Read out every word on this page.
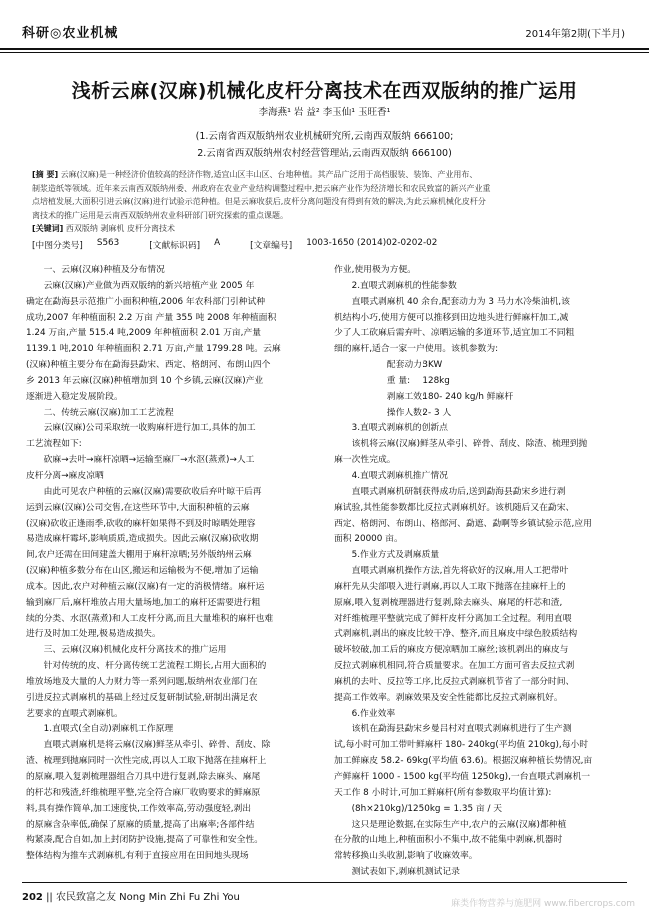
科研◎农业机械	2014年第2期(下半月)
浅析云麻(汉麻)机械化皮杆分离技术在西双版纳的推广运用
李海燕¹ 岩 益² 李玉仙¹ 玉旺香¹
(1.云南省西双版纳州农业机械研究所,云南西双版纳 666100;
2.云南省西双版纳州农村经营管理站,云南西双版纳 666100)
[摘 要] 云麻(汉麻)是一种经济价值较高的经济作物,适宜山区丰山区、台地种植。其产品广泛用于高档服装、装饰、产业用布、
制浆造纸等领域。近年来云南西双版纳州委、州政府在农业产业结构调整过程中,把云麻产业作为经济增长和农民致富的新兴产业重
点培植发展,大面积引进云麻(汉麻)进行试验示范种植。但是云麻收获后,皮杆分离问题没有得到有效的解决,为此云麻机械化皮杆分
离技术的推广运用是云南西双版纳州农业科研部门研究探索的重点课题。
[关键词] 西双版纳 剥麻机 皮杆分离技术
[中图分类号] S563	[文献标识码] A	[文章编号] 1003-1650 (2014)02-0202-02

一、云麻(汉麻)种植及分布情况

云麻(汉麻)产业做为西双版纳的新兴培植产业 2005 年

确定在勐海县示范推广小面积种植,2006 年农科部门引种试种

成功,2007 年种植面积 2.2 万亩 产量 355 吨 2008 年种植面积

1.24 万亩,产量 515.4 吨,2009 年种植面积 2.01 万亩,产量

1139.1 吨,2010 年种植面积 2.71 万亩,产量 1799.28 吨。云麻

(汉麻)种植主要分布在勐海县勐宋、西定、格朗河、布朗山四个

乡 2013 年云麻(汉麻)种植增加到 10 个乡镇,云麻(汉麻)产业

逐渐进入稳定发展阶段。

二、传统云麻(汉麻)加工工艺流程

云麻(汉麻)公司采取统一收购麻杆进行加工,具体的加工

工艺流程如下:

砍麻→去叶→麻杆凉晒→运输至麻厂→水沤(蒸煮)→人工

皮杆分离→麻皮凉晒

由此可见农户种植的云麻(汉麻)需要砍收后弃叶晾干后再

运到云麻(汉麻)公司交售,在这些环节中,大面积种植的云麻

(汉麻)砍收正逢雨季,砍收的麻杆如果得不到及时晾晒处理容

易造成麻杆霉坏,影响质质,造成损失。因此云麻(汉麻)砍收期

间,农户还需在田间建盖大棚用于麻杆凉晒;另外版纳州云麻

(汉麻)种植多数分布在山区,搬运和运输极为不便,增加了运输

成本。因此,农户对种植云麻(汉麻)有一定的消极情绪。麻杆运

输到麻厂后,麻杆堆放占用大量场地,加工的麻杆还需要进行粗

续的分类、水沤(蒸煮)和人工皮杆分离,而且大量堆积的麻杆也难

进行及时加工处理,极易造成损失。

三、云麻(汉麻)机械化皮杆分离技术的推广运用

针对传统的皮、杆分离传统工艺流程工期长,占用大面积的

堆放场地及大量的人力财力等一系列问题,版纳州农业部门在

引进反拉式剥麻机的基础上经过反复研制试验,研制出满足农

艺要求的直喂式剥麻机。

1.直喂式(全自动)剥麻机工作原理

直喂式剥麻机是将云麻(汉麻)鲜茎从牵引、碎骨、刮皮、除

渣、梳理到抛麻同时一次性完成,再以人工取下抛落在挂麻杆上

的原麻,喂入复剥梳理器组合刀具中进行复剥,除去麻头、麻尾

的杆芯和残渣,纤维梳理平整,完全符合麻厂收购要求的鲜麻原

料,具有操作简单,加工速度快,工作效率高,劳动强度轻,剥出

的原麻含杂率低,确保了原麻的质量,提高了出麻率;各部件结

构紧凑,配合自如,加上封闭防护设施,提高了可靠性和安全性。

整体结构为推车式剥麻机,有利于直接应用在田间地头现场

作业,使用极为方便。

2.直喂式剥麻机的性能参数

直喂式剥麻机 40 余台,配套动力为 3 马力水冷柴油机,该

机结构小巧,使用方便可以推移到田边地头进行鲜麻杆加工,减

少了人工砍麻后需弃叶、凉晒运输的多道环节,适宜加工不同粗

细的麻杆,适合一家一户使用。该机参数为:

配套动力:3KW

重 量: 128kg

剥麻工效:180- 240 kg/h 鲜麻杆

操作人数:2- 3 人

3.直喂式剥麻机的创新点

该机将云麻(汉麻)鲜茎从牵引、碎骨、刮皮、除渣、梳理到抛

麻一次性完成。

4.直喂式剥麻机推广情况

直喂式剥麻机研制获得成功后,送到勐海县勐宋乡进行剥

麻试验,其性能参数都比反拉式剥麻机好。该机随后又在勐宋、

西定、格朗河、布朗山、格郎河、勐遮、勐啊等乡镇试验示范,应用

面积 20000 亩。

5.作业方式及剥麻质量

直喂式剥麻机操作方法,首先将砍好的汉麻,用人工把带叶

麻杆先从尖部喂入进行剥麻,再以人工取下抛落在挂麻杆上的

原麻,喂入复剥梳理器进行复剥,除去麻头、麻尾的杆芯和渣,

对纤维梳理平整就完成了鲜杆皮杆分离加工全过程。利用直喂

式剥麻机,剥出的麻皮比较干净、整齐,而且麻皮中绿色胶质结构

破坏较破,加工后的麻皮方便凉晒加工麻丝;该机剥出的麻皮与

反拉式剥麻机相同,符合质量要求。在加工方面可省去反拉式剥

麻机的去叶、反拉等工序,比反拉式剥麻机节省了一部分时间、

提高工作效率。剥麻效果及安全性能都比反拉式剥麻机好。

6.作业效率

该机在勐海县勐宋乡曼吕村对直喂式剥麻机进行了生产测

试,每小时可加工带叶鲜麻杆 180- 240kg(平均值 210kg),每小时

加工鲜麻皮 58.2- 69kg(平均值 63.6)。根据汉麻种植长势情况,亩

产鲜麻杆 1000 - 1500 kg(平均值 1250kg),一台直喂式剥麻机一

天工作 8 小时计,可加工鲜麻杆(所有参数取平均值计算):

(8h×210kg)/1250kg = 1.35 亩 / 天

这只是理论数据,在实际生产中,农户的云麻(汉麻)都种植

在分散的山地上,种植面积小不集中,故不能集中剥麻,机器时

常转移换山头收割,影响了收麻效率。

测试表如下,剥麻机测试记录

202 || 农民致富之友 Nong Min Zhi Fu Zhi You
麻类作物营养与施肥网 www.fibercrops.com
